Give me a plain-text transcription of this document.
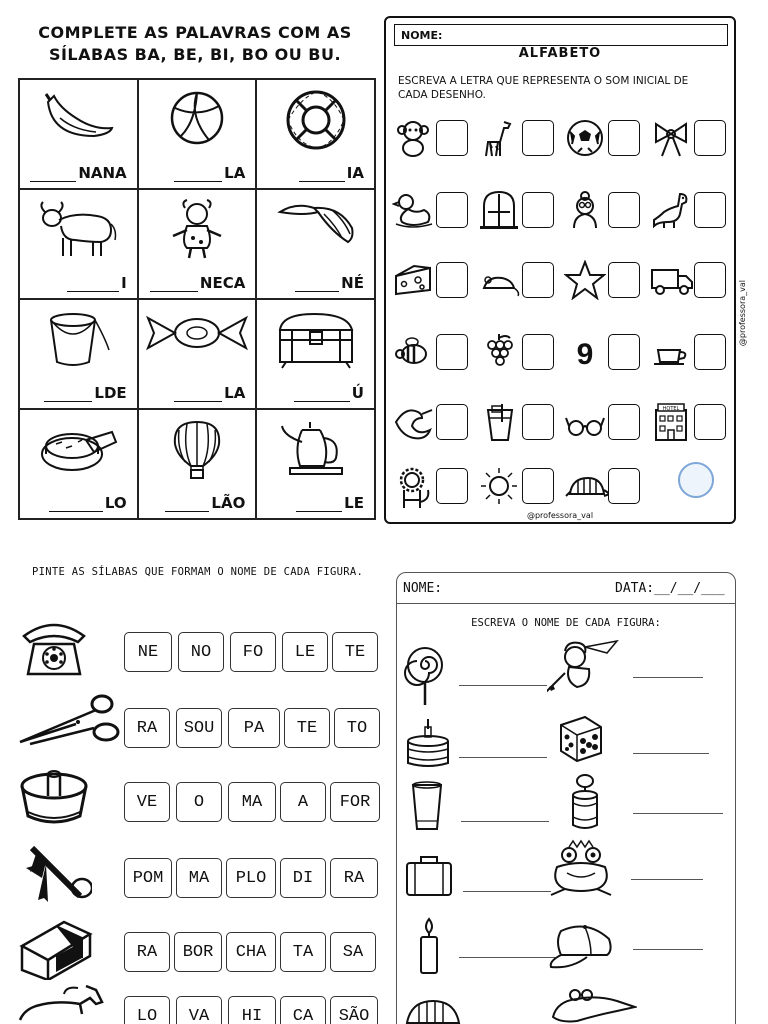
COMPLETE AS PALAVRAS COM AS
SÍLABAS BA, BE, BI, BO OU BU.
NANA	LA	IA
I	NECA	NÉ
LDE	LA	Ú
LO	LÃO	LE
NOME:
ALFABETO
ESCREVA A LETRA QUE REPRESENTA O SOM INICIAL DE CADA DESENHO.
9
HOTEL
@professora_val
@professora_val
PINTE AS SÍLABAS QUE FORMAM O NOME DE CADA FIGURA.
NE	NO	FO	LE	TE
RA	SOU	PA	TE	TO
VE	O	MA	A	FOR
POM	MA	PLO	DI	RA
RA	BOR	CHA	TA	SA
LO	VA	HI	CA	SÃO
NOME:	DATA:__/__/___
ESCREVA O NOME DE CADA FIGURA:
